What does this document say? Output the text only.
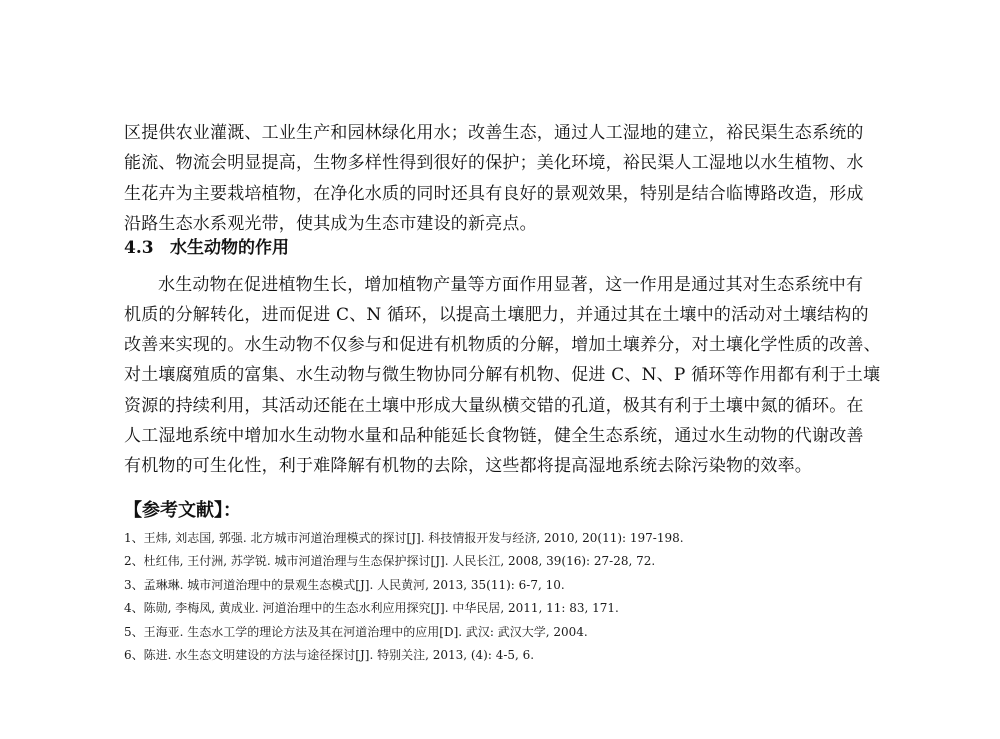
区提供农业灌溉、工业生产和园林绿化用水；改善生态，通过人工湿地的建立，裕民渠生态系统的
能流、物流会明显提高，生物多样性得到很好的保护；美化环境，裕民渠人工湿地以水生植物、水
生花卉为主要栽培植物，在净化水质的同时还具有良好的景观效果，特别是结合临博路改造，形成
沿路生态水系观光带，使其成为生态市建设的新亮点。
4.3 水生动物的作用
水生动物在促进植物生长，增加植物产量等方面作用显著，这一作用是通过其对生态系统中有
机质的分解转化，进而促进 C、N 循环，以提高土壤肥力，并通过其在土壤中的活动对土壤结构的
改善来实现的。水生动物不仅参与和促进有机物质的分解，增加土壤养分，对土壤化学性质的改善、
对土壤腐殖质的富集、水生动物与微生物协同分解有机物、促进 C、N、P 循环等作用都有利于土壤
资源的持续利用，其活动还能在土壤中形成大量纵横交错的孔道，极其有利于土壤中氮的循环。在
人工湿地系统中增加水生动物水量和品种能延长食物链，健全生态系统，通过水生动物的代谢改善
有机物的可生化性，利于难降解有机物的去除，这些都将提高湿地系统去除污染物的效率。
【参考文献】：
1、王炜, 刘志国, 郭强. 北方城市河道治理模式的探讨[J]. 科技情报开发与经济, 2010, 20(11): 197-198.
2、杜红伟, 王付洲, 苏学锐. 城市河道治理与生态保护探讨[J]. 人民长江, 2008, 39(16): 27-28, 72.
3、孟琳琳. 城市河道治理中的景观生态模式[J]. 人民黄河, 2013, 35(11): 6-7, 10.
4、陈勋, 李梅凤, 黄成业. 河道治理中的生态水利应用探究[J]. 中华民居, 2011, 11: 83, 171.
5、王海亚. 生态水工学的理论方法及其在河道治理中的应用[D]. 武汉: 武汉大学, 2004.
6、陈进. 水生态文明建设的方法与途径探讨[J]. 特别关注, 2013, (4): 4-5, 6.
